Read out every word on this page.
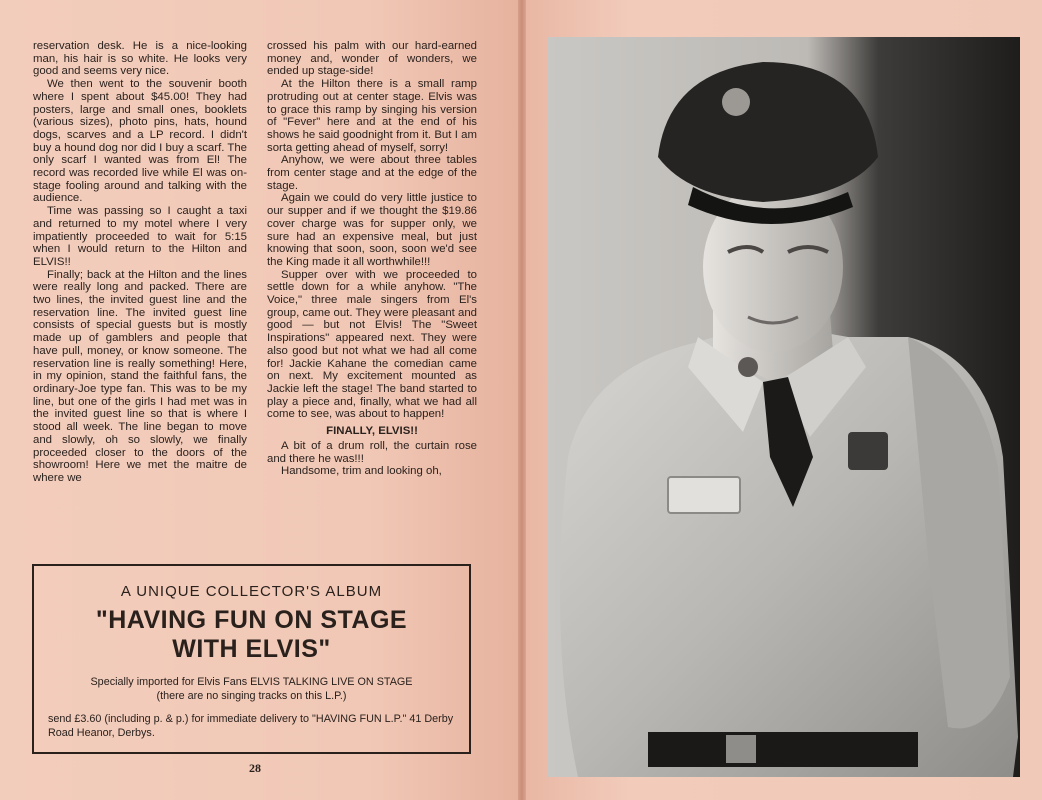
reservation desk. He is a nice-looking man, his hair is so white. He looks very good and seems very nice.

We then went to the souvenir booth where I spent about $45.00! They had posters, large and small ones, booklets (various sizes), photo pins, hats, hound dogs, scarves and a LP record. I didn't buy a hound dog nor did I buy a scarf. The only scarf I wanted was from El! The record was recorded live while El was on-stage fooling around and talking with the audience.

Time was passing so I caught a taxi and returned to my motel where I very impatiently proceeded to wait for 5:15 when I would return to the Hilton and ELVIS!!

Finally; back at the Hilton and the lines were really long and packed. There are two lines, the invited guest line and the reservation line. The invited guest line consists of special guests but is mostly made up of gamblers and people that have pull, money, or know someone. The reservation line is really something! Here, in my opinion, stand the faithful fans, the ordinary-Joe type fan. This was to be my line, but one of the girls I had met was in the invited guest line so that is where I stood all week. The line began to move and slowly, oh so slowly, we finally proceeded closer to the doors of the showroom! Here we met the maitre de where we

crossed his palm with our hard-earned money and, wonder of wonders, we ended up stage-side!

At the Hilton there is a small ramp protruding out at center stage. Elvis was to grace this ramp by singing his version of "Fever" here and at the end of his shows he said goodnight from it. But I am sorta getting ahead of myself, sorry!

Anyhow, we were about three tables from center stage and at the edge of the stage.

Again we could do very little justice to our supper and if we thought the $19.86 cover charge was for supper only, we sure had an expensive meal, but just knowing that soon, soon, soon we'd see the King made it all worthwhile!!!

Supper over with we proceeded to settle down for a while anyhow. "The Voice," three male singers from El's group, came out. They were pleasant and good — but not Elvis! The "Sweet Inspirations" appeared next. They were also good but not what we had all come for! Jackie Kahane the comedian came on next. My excitement mounted as Jackie left the stage! The band started to play a piece and, finally, what we had all come to see, was about to happen!

FINALLY, ELVIS!!

A bit of a drum roll, the curtain rose and there he was!!!

Handsome, trim and looking oh,

A UNIQUE COLLECTOR'S ALBUM
"HAVING FUN ON STAGE
WITH ELVIS"
Specially imported for Elvis Fans ELVIS TALKING LIVE ON STAGE
(there are no singing tracks on this L.P.)
send £3.60 (including p. & p.) for immediate delivery to "HAVING FUN L.P." 41 Derby Road Heanor, Derbys.
28
